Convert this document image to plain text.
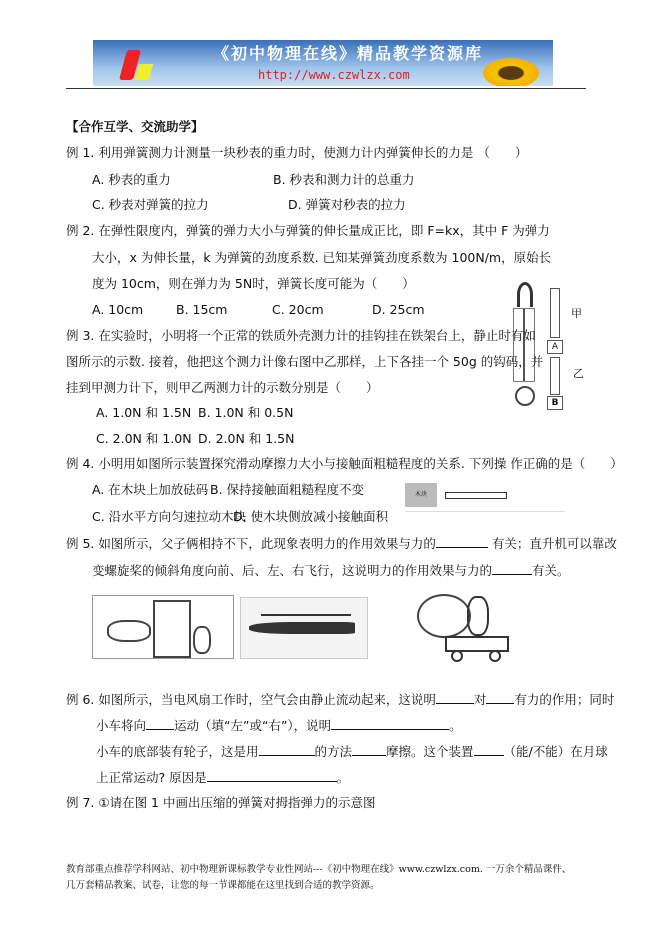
《初中物理在线》精品教学资源库
http://www.czwlzx.com
【合作互学、交流助学】
例 1. 利用弹簧测力计测量一块秒表的重力时，使测力计内弹簧伸长的力是 （　　）
A. 秒表的重力	B. 秒表和测力计的总重力
C. 秒表对弹簧的拉力	D. 弹簧对秒表的拉力
例 2. 在弹性限度内，弹簧的弹力大小与弹簧的伸长量成正比，即 F=kx，其中 F 为弹力
大小，x 为伸长量，k 为弹簧的劲度系数. 已知某弹簧劲度系数为 100N/m，原始长
度为 10cm，则在弹力为 5N时，弹簧长度可能为（　　）
A. 10cm	B. 15cm	C. 20cm	D. 25cm
A
B
甲
乙
例 3. 在实验时，小明将一个正常的铁质外壳测力计的挂钩挂在铁架台上，静止时有如
图所示的示数. 接着，他把这个测力计像右图中乙那样，上下各挂一个 50g 的钩码，并
挂到甲测力计下，则甲乙两测力计的示数分别是（　　）
A. 1.0N 和 1.5N B. 1.0N 和 0.5N
C. 2.0N 和 1.0N D. 2.0N 和 1.5N
例 4. 小明用如图所示装置探究滑动摩擦力大小与接触面粗糙程度的关系. 下列操 作正确的是（　　）
A. 在木块上加放砝码 B. 保持接触面粗糙程度不变
C. 沿水平方向匀速拉动木块
D. 使木块侧放减小接触面积
木块
例 5. 如图所示，父子俩相持不下，此现象表明力的作用效果与力的	有关；直升机可以靠改
变螺旋桨的倾斜角度向前、后、左、右飞行，这说明力的作用效果与力的	有关。
例 6. 如图所示，当电风扇工作时，空气会由静止流动起来，这说明	对 有力的作用；同时
小车将向 运动（填“左”或“右”），说明	。
小车的底部装有轮子，这是用	的方法	摩擦。这个装置 （能/不能）在月球
上正常运动? 原因是	。
例 7. ①请在图 1 中画出压缩的弹簧对拇指弹力的示意图
教育部重点推荐学科网站、初中物理新课标教学专业性网站---《初中物理在线》www.czwlzx.com. 一万余个精品课件、
几万套精品教案、试卷，让您的每一节课都能在这里找到合适的教学资源。
